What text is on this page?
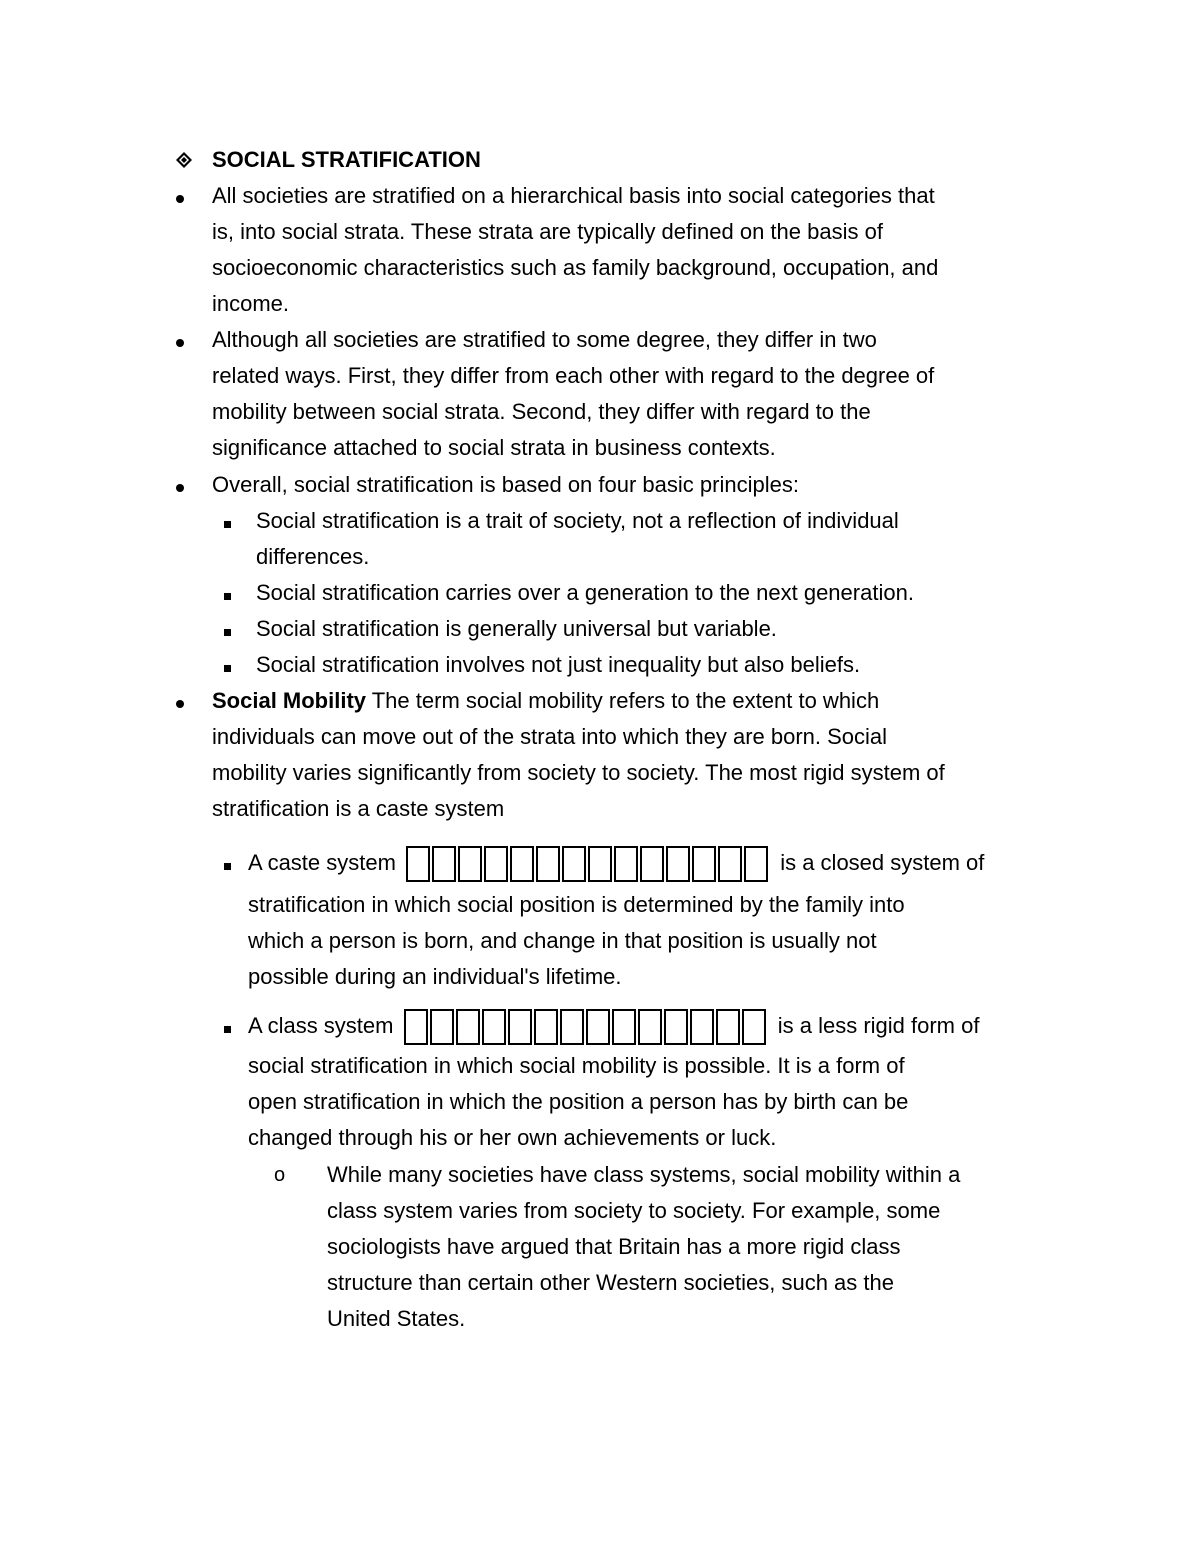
SOCIAL STRATIFICATION
All societies are stratified on a hierarchical basis into social categories that
is, into social strata. These strata are typically defined on the basis of
socioeconomic characteristics such as family background, occupation, and
income.
Although all societies are stratified to some degree, they differ in two
related ways. First, they differ from each other with regard to the degree of
mobility between social strata. Second, they differ with regard to the
significance attached to social strata in business contexts.
Overall, social stratification is based on four basic principles:
Social stratification is a trait of society, not a reflection of individual
differences.
Social stratification carries over a generation to the next generation.
Social stratification is generally universal but variable.
Social stratification involves not just inequality but also beliefs.
Social Mobility The term social mobility refers to the extent to which
individuals can move out of the strata into which they are born. Social
mobility varies significantly from society to society. The most rigid system of
stratification is a caste system
A caste system	is a closed system of
stratification in which social position is determined by the family into
which a person is born, and change in that position is usually not
possible during an individual's lifetime.
A class system	is a less rigid form of
social stratification in which social mobility is possible. It is a form of
open stratification in which the position a person has by birth can be
changed through his or her own achievements or luck.
o While many societies have class systems, social mobility within a
class system varies from society to society. For example, some
sociologists have argued that Britain has a more rigid class
structure than certain other Western societies, such as the
United States.
